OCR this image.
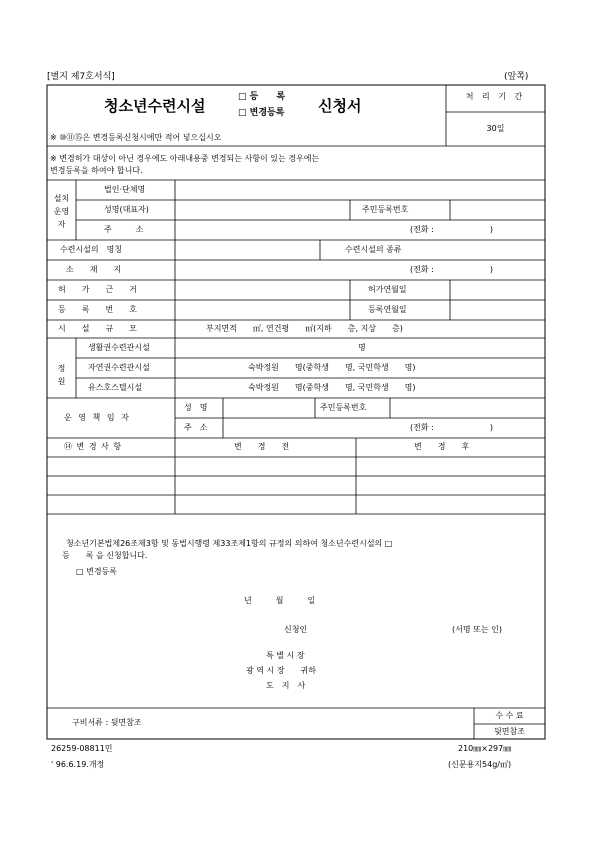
[별지 제7호서식]	(앞쪽)
청소년수련시설	□ 등　　록
□ 변경등록 신청서
처 리 기 간
30일
※ ⑩⑪⑮은 변경등록신청시에만 적어 넣으십시오
※ 변경허가 대상이 아닌 경우에도 아래내용중 변경되는 사항이 있는 경우에는
변경등록을 하여야 합니다.
설치
운영
자
법인·단체명
성명(대표자)	주민등록번호
주　　　소	(전화 :　　　　　　　)
수련시설의　명칭	수련시설의 종류
소　　재　　지	(전화 :　　　　　　　)
허　　가　　근　　거	허가연월일
등　　록　　번　　호	등록연월일
시　　설　　규　　모	부지면적　　㎡, 연건평　　㎡(지하　　층, 지상　　층)
정
원
생활권수련관시설	명
자연권수련관시설	숙박정원　　명(중학생　　명, 국민학생　　명)
유스호스텔시설	숙박정원　　명(중학생　　명, 국민학생　　명)
운 영 책 임 자
성　명	주민등록번호
주　소	(전화 :　　　　　　　)
⑭ 변 경 사 항	변　　경　　전	변　　경　　후
청소년기본법제26조제3항 및 동법시행령 제33조제1항의 규정의 의하여 청소년수련시설의 □
등　　록 을 신청합니다.
□ 변경등록
년　　　월　　　일
신청인	(서명 또는 인)
특 별 시 장
광 역 시 장　　귀하
도　지　사
구비서류 : 뒷면참조
수 수 료
뒷면참조
26259-08811민
' 96.6.19.개정
210㎜×297㎜
(신문용지54g/㎡)
